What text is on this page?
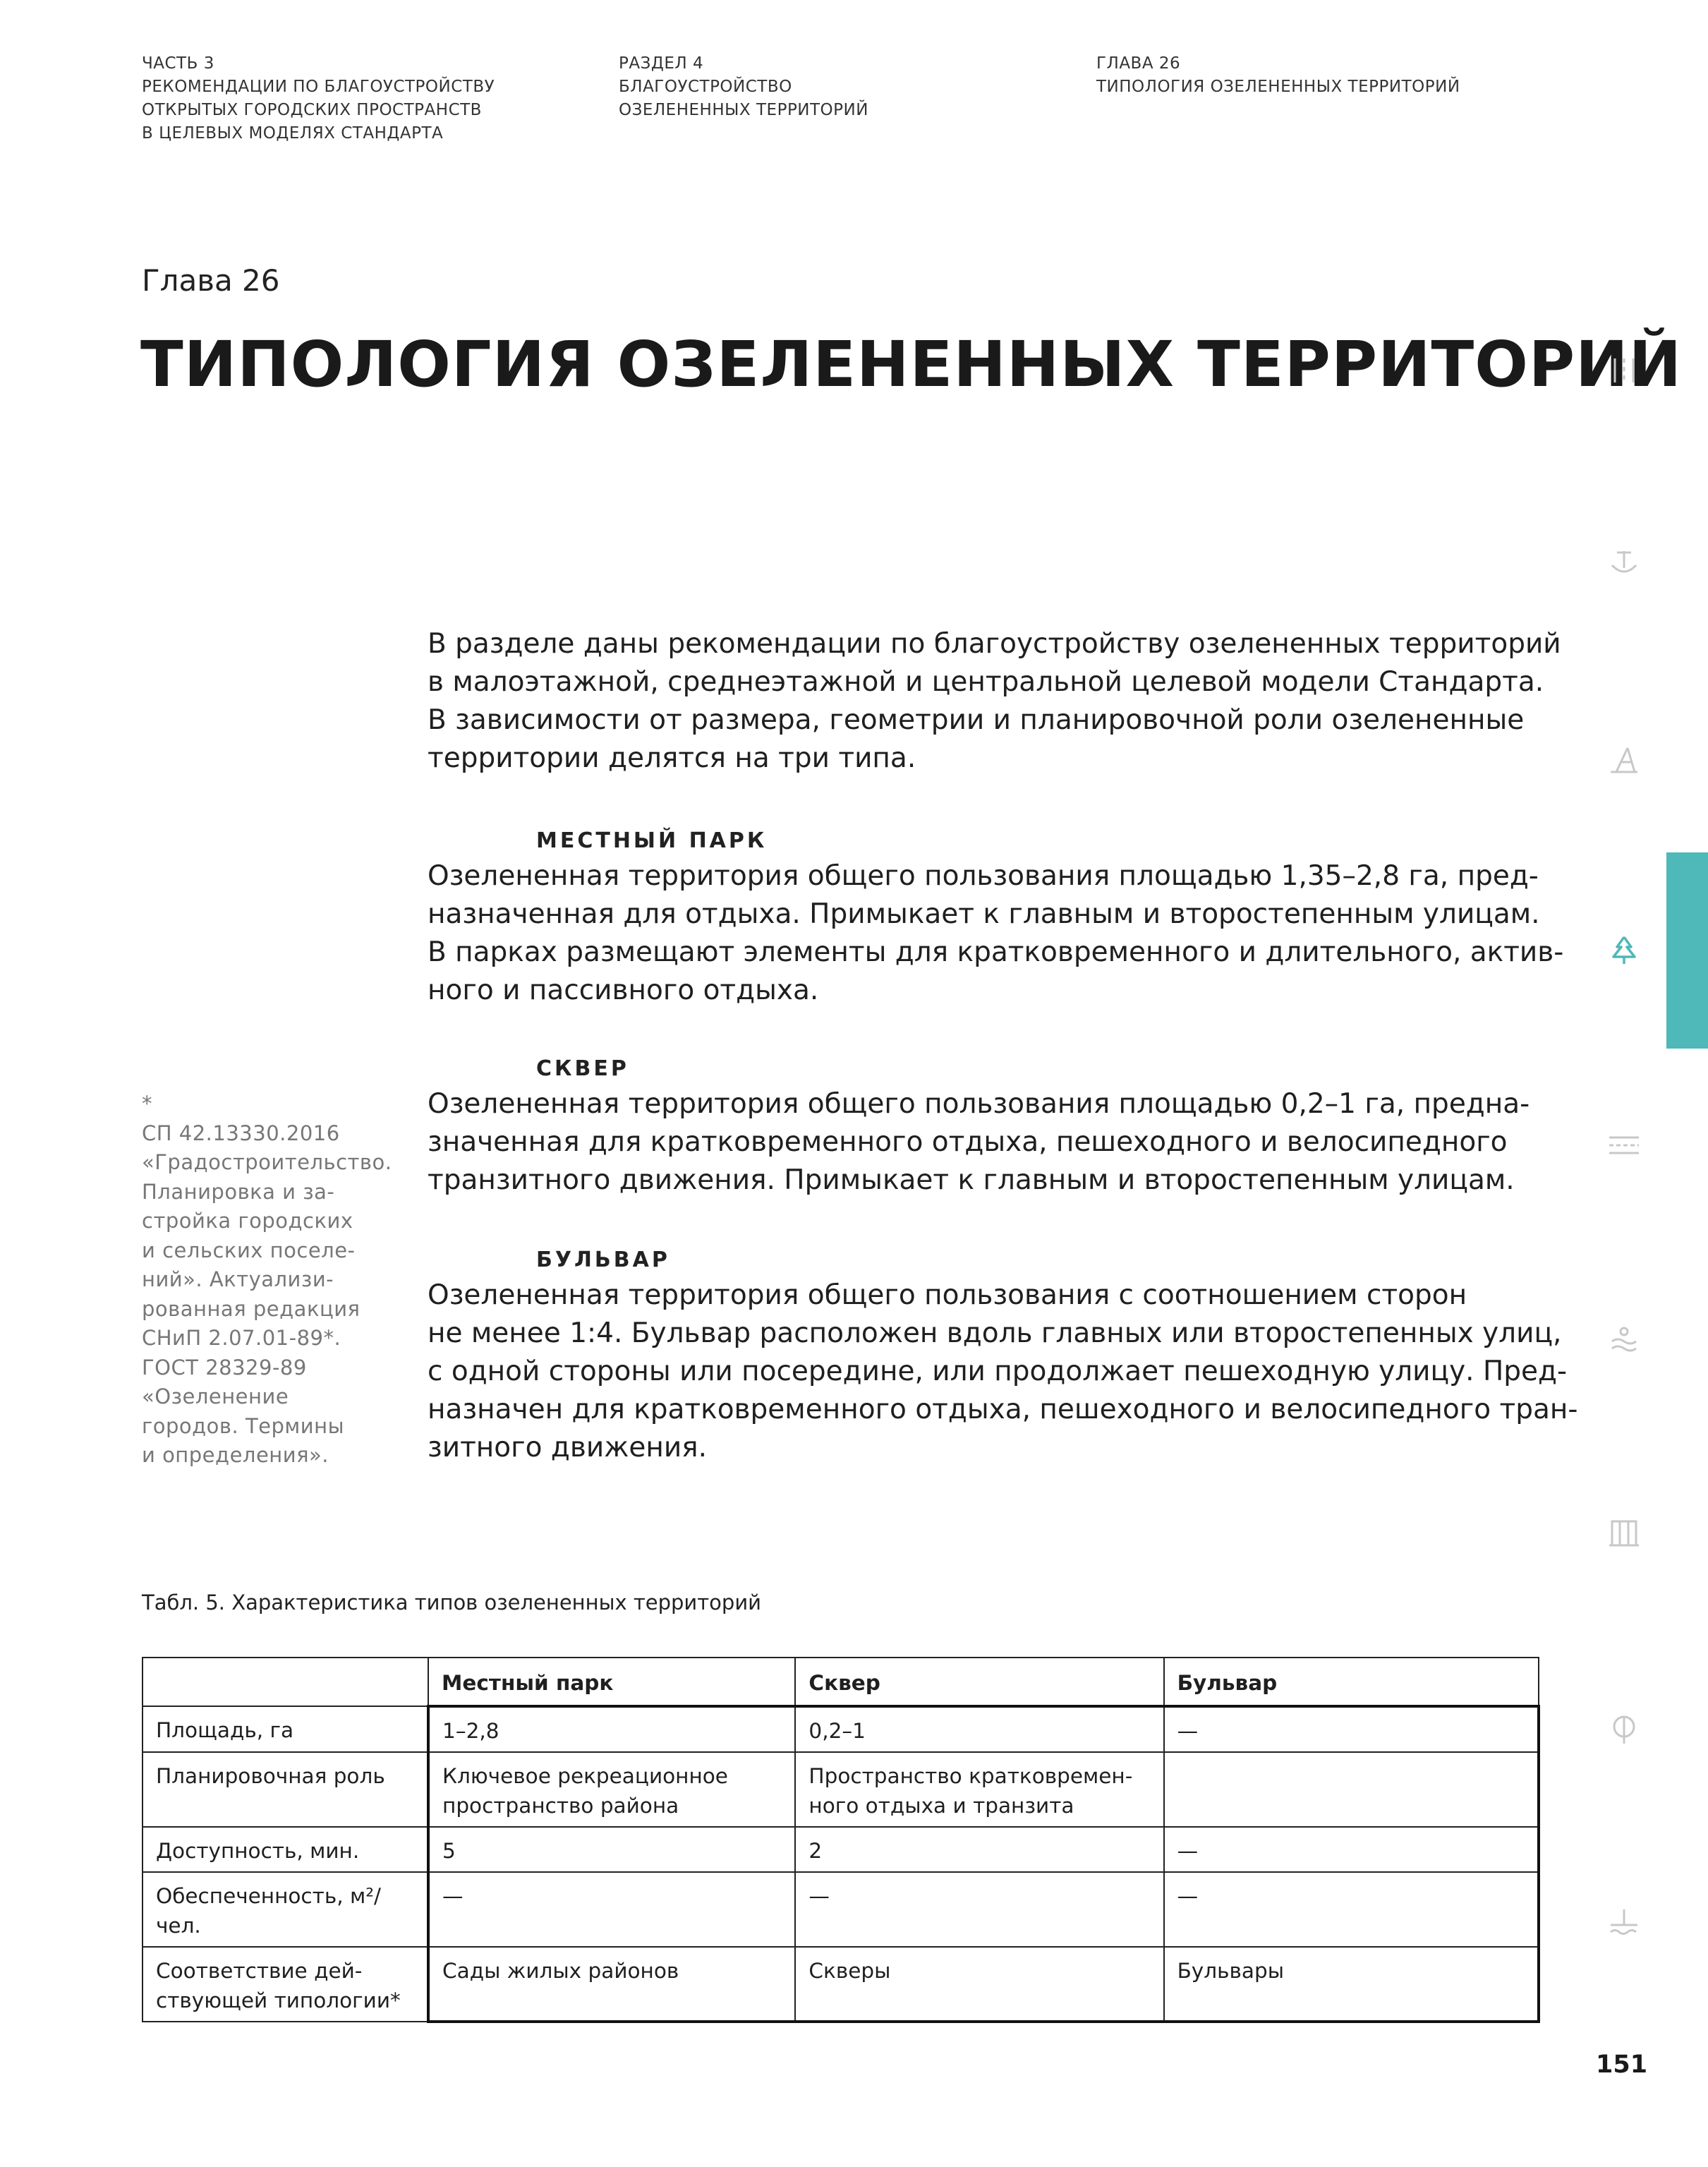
ЧАСТЬ 3
РЕКОМЕНДАЦИИ ПО БЛАГОУСТРОЙСТВУ
ОТКРЫТЫХ ГОРОДСКИХ ПРОСТРАНСТВ
В ЦЕЛЕВЫХ МОДЕЛЯХ СТАНДАРТА
РАЗДЕЛ 4
БЛАГОУСТРОЙСТВО
ОЗЕЛЕНЕННЫХ ТЕРРИТОРИЙ
ГЛАВА 26
ТИПОЛОГИЯ ОЗЕЛЕНЕННЫХ ТЕРРИТОРИЙ
Глава 26
ТИПОЛОГИЯ ОЗЕЛЕНЕННЫХ ТЕРРИТОРИЙ
В разделе даны рекомендации по благоустройству озелененных территорий
в малоэтажной, среднеэтажной и центральной целевой модели Стандарта.
В зависимости от размера, геометрии и планировочной роли озелененные
территории делятся на три типа.
МЕСТНЫЙ ПАРК
Озелененная территория общего пользования площадью 1,35–2,8 га, пред-
назначенная для отдыха. Примыкает к главным и второстепенным улицам.
В парках размещают элементы для кратковременного и длительного, актив-
ного и пассивного отдыха.
СКВЕР
Озелененная территория общего пользования площадью 0,2–1 га, предна-
значенная для кратковременного отдыха, пешеходного и велосипедного
транзитного движения. Примыкает к главным и второстепенным улицам.
БУЛЬВАР
Озелененная территория общего пользования с соотношением сторон
не менее 1:4. Бульвар расположен вдоль главных или второстепенных улиц,
с одной стороны или посередине, или продолжает пешеходную улицу. Пред-
назначен для кратковременного отдыха, пешеходного и велосипедного тран-
зитного движения.
*
СП 42.13330.2016
«Градостроительство.
Планировка и за-
стройка городских
и сельских поселе-
ний». Актуализи-
рованная редакция
СНиП 2.07.01-89*.
ГОСТ 28329-89
«Озеленение
городов. Термины
и определения».
Табл. 5. Характеристика типов озелененных территорий
	Местный парк	Сквер	Бульвар
Площадь, га	1–2,8	0,2–1	—
Планировочная роль	Ключевое рекреационное пространство района	Пространство кратковремен-ного отдыха и транзита	
Доступность, мин.	5	2	—
Обеспеченность, м²/чел.	—	—	—
Соответствие дей-ствующей типологии*	Сады жилых районов	Скверы	Бульвары
151
